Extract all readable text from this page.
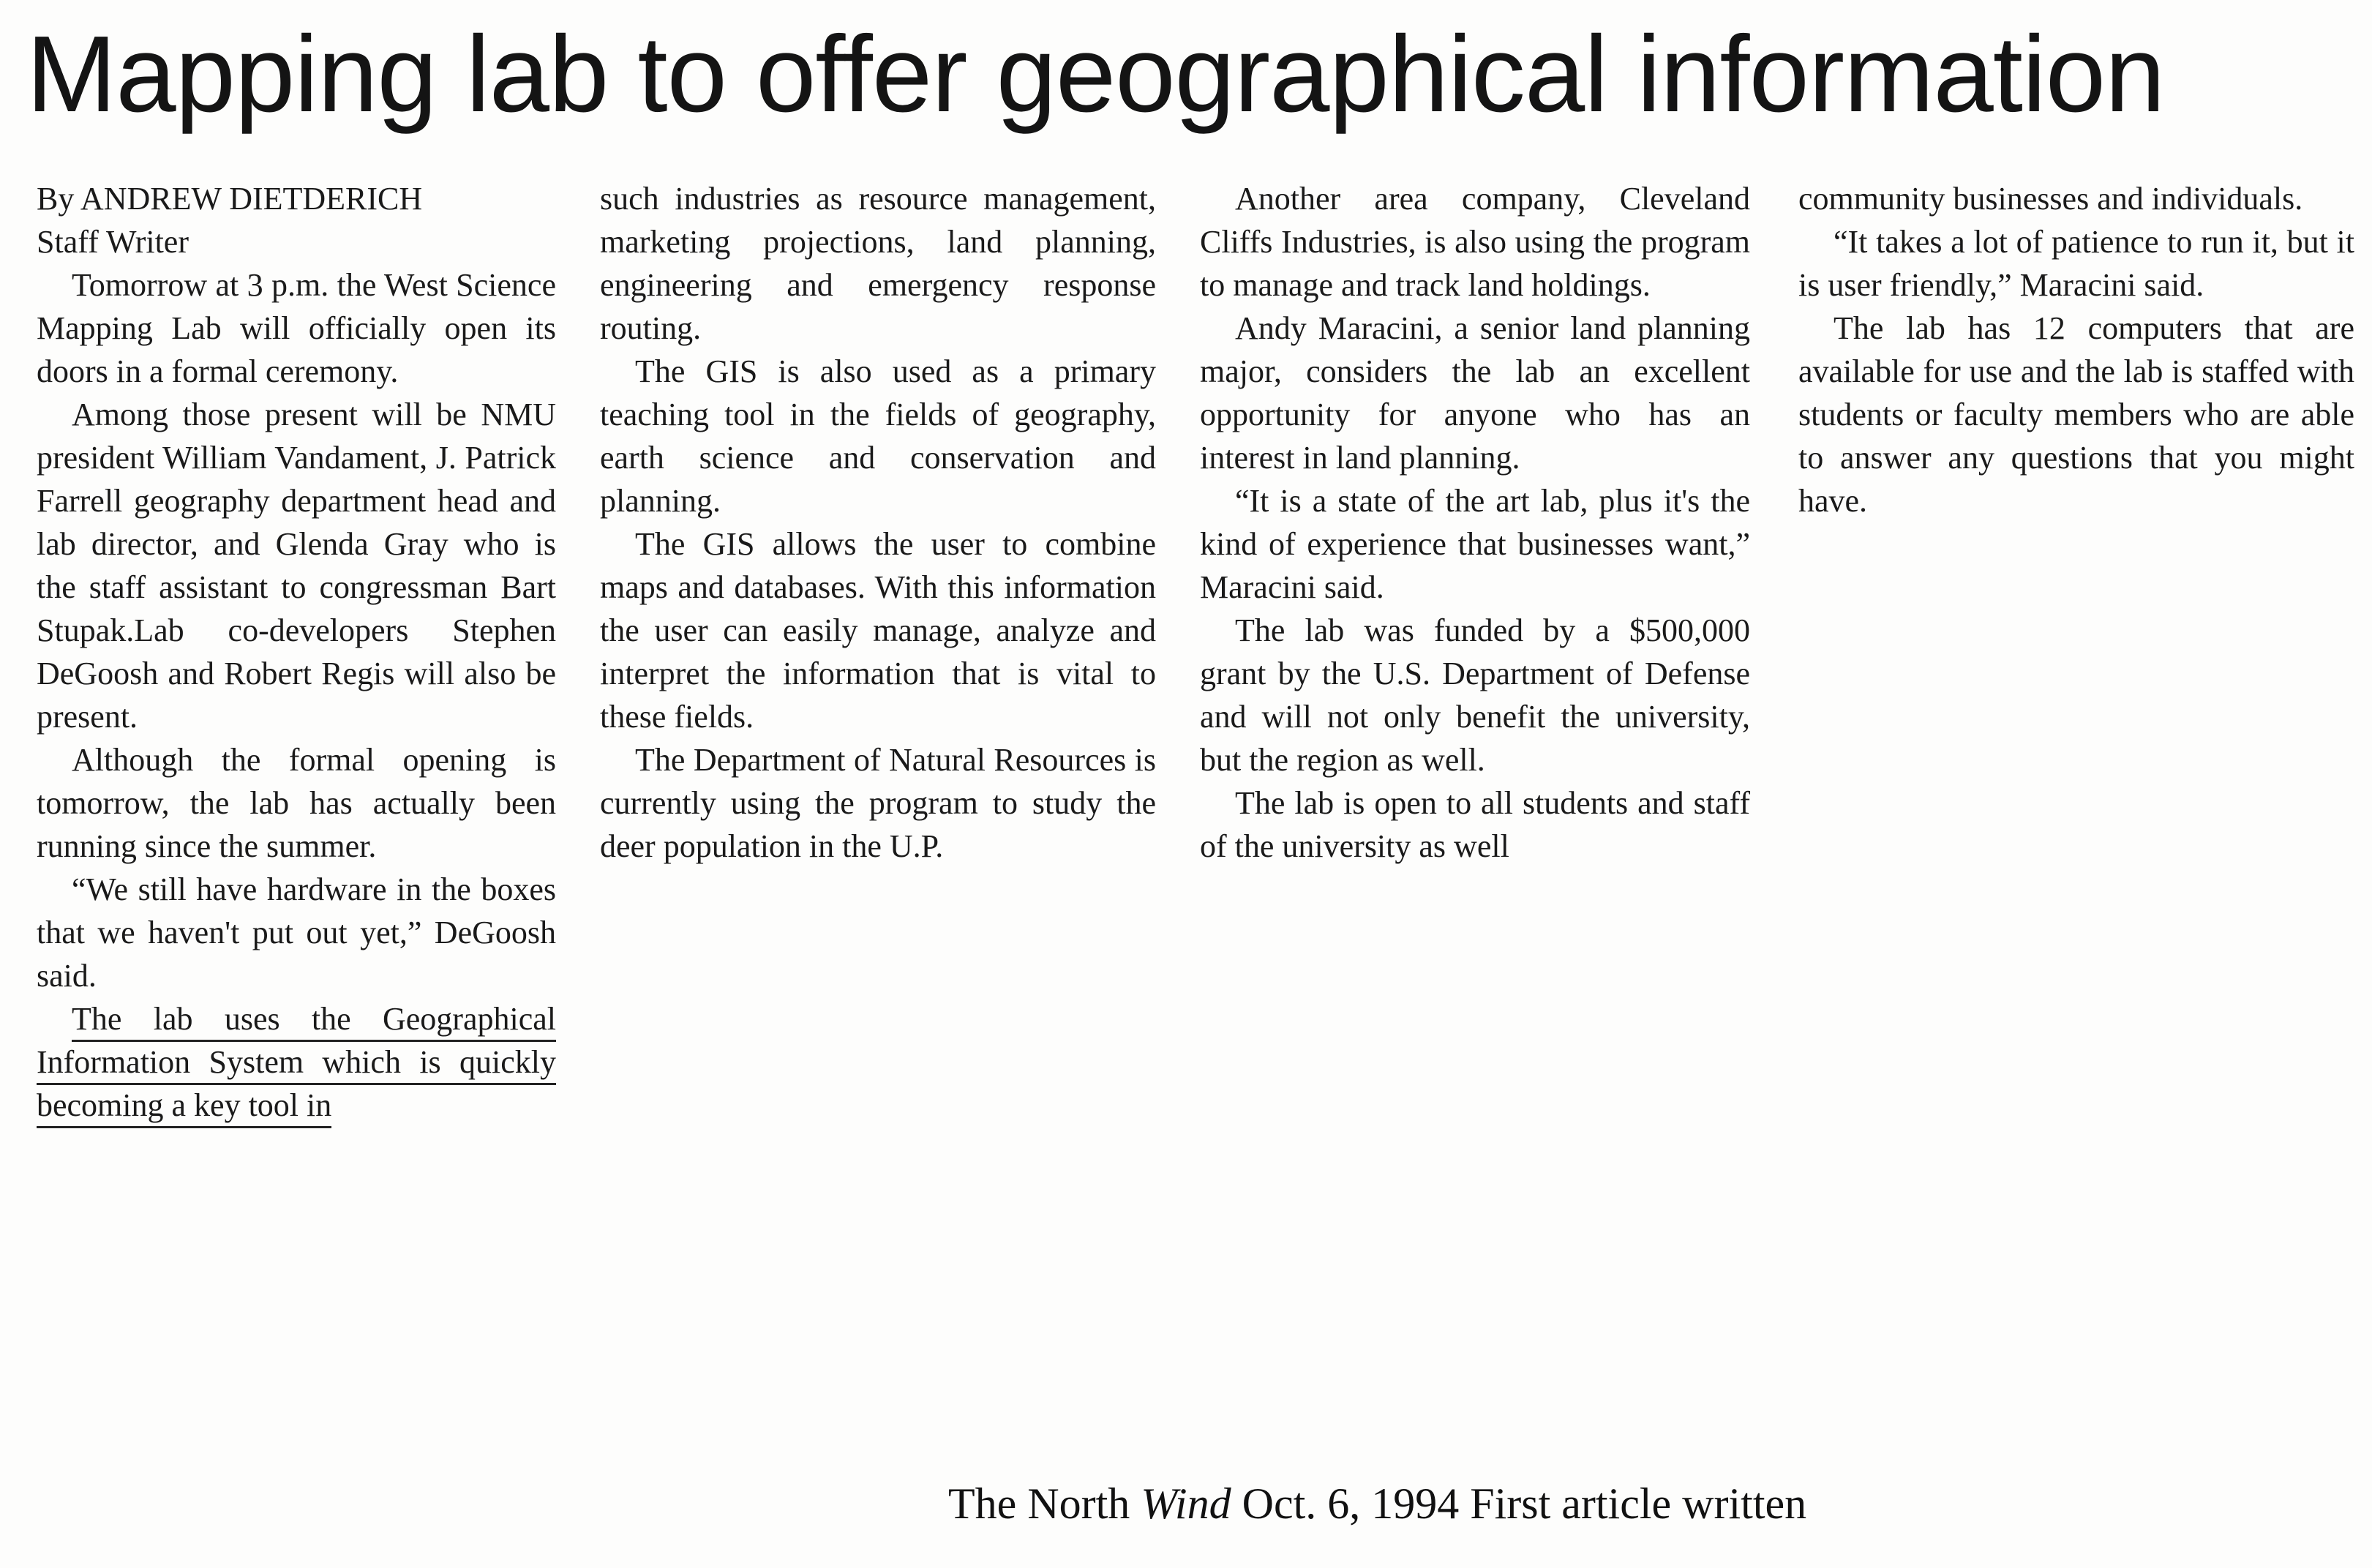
Mapping lab to offer geographical information

By ANDREW DIETDERICH

Staff Writer

Tomorrow at 3 p.m. the West Science Mapping Lab will officially open its doors in a formal ceremony.

Among those present will be NMU president William Vandament, J. Patrick Farrell geography department head and lab director, and Glenda Gray who is the staff assistant to congressman Bart Stupak.Lab co-developers Stephen DeGoosh and Robert Regis will also be present.

Although the formal opening is tomorrow, the lab has actually been running since the summer.

“We still have hardware in the boxes that we haven't put out yet,” DeGoosh said.

The lab uses the Geographical Information System which is quickly becoming a key tool in

such industries as resource management, marketing projections, land planning, engineering and emergency response routing.

The GIS is also used as a primary teaching tool in the fields of geography, earth science and conservation and planning.

The GIS allows the user to combine maps and databases. With this information the user can easily manage, analyze and interpret the information that is vital to these fields.

The Department of Natural Resources is currently using the program to study the deer population in the U.P.

Another area company, Cleveland Cliffs Industries, is also using the program to manage and track land holdings.

Andy Maracini, a senior land planning major, considers the lab an excellent opportunity for anyone who has an interest in land planning.

“It is a state of the art lab, plus it's the kind of experience that businesses want,” Maracini said.

The lab was funded by a $500,000 grant by the U.S. Department of Defense and will not only benefit the university, but the region as well.

The lab is open to all students and staff of the university as well

community businesses and individuals.

“It takes a lot of patience to run it, but it is user friendly,” Maracini said.

The lab has 12 computers that are available for use and the lab is staffed with students or faculty members who are able to answer any questions that you might have.

The North Wind Oct. 6, 1994 First article written
